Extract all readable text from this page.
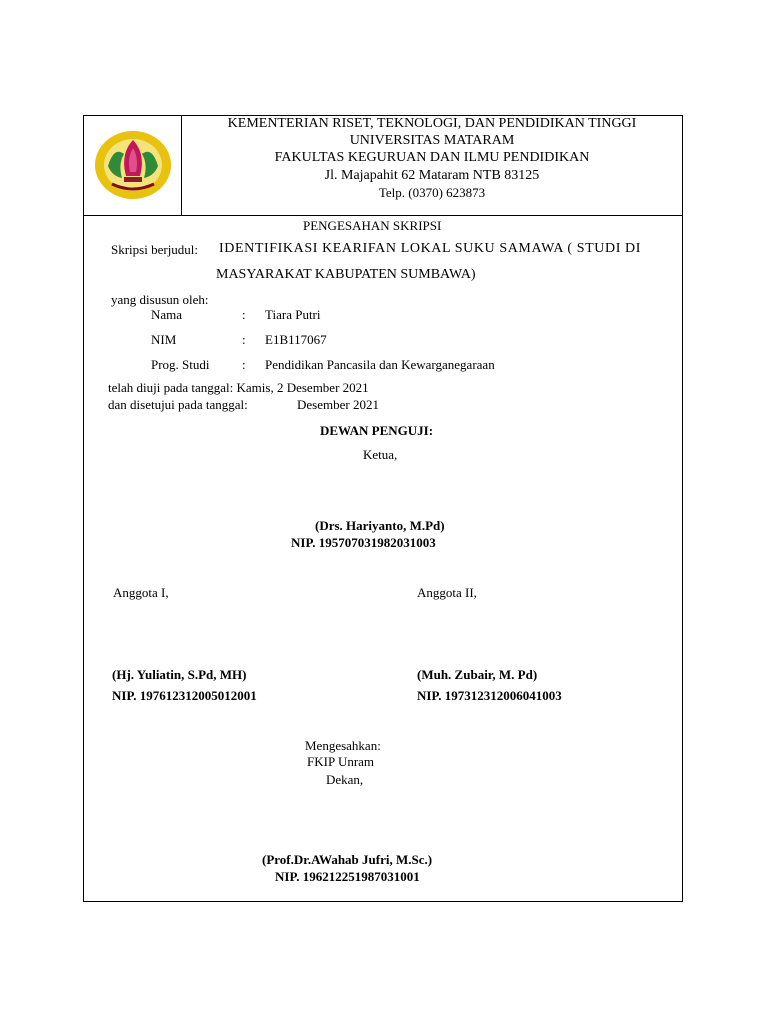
KEMENTERIAN RISET, TEKNOLOGI, DAN PENDIDIKAN TINGGI
UNIVERSITAS MATARAM
FAKULTAS KEGURUAN DAN ILMU PENDIDIKAN
Jl. Majapahit 62 Mataram NTB 83125
Telp. (0370) 623873
PENGESAHAN SKRIPSI
Skripsi berjudul: IDENTIFIKASI KEARIFAN LOKAL SUKU SAMAWA ( STUDI DI
MASYARAKAT KABUPATEN SUMBAWA)
yang disusun oleh:
Nama	: Tiara Putri
NIM	: E1B117067
Prog. Studi : Pendidikan Pancasila dan Kewarganegaraan
telah diuji pada tanggal: Kamis, 2 Desember 2021
dan disetujui pada tanggal:	Desember 2021
DEWAN PENGUJI:
Ketua,
(Drs. Hariyanto, M.Pd)
NIP. 195707031982031003
Anggota I,	Anggota II,
(Hj. Yuliatin, S.Pd, MH)
NIP. 197612312005012001
(Muh. Zubair, M. Pd)
NIP. 197312312006041003
Mengesahkan:
FKIP Unram
Dekan,
(Prof.Dr.AWahab Jufri, M.Sc.)
NIP. 196212251987031001
